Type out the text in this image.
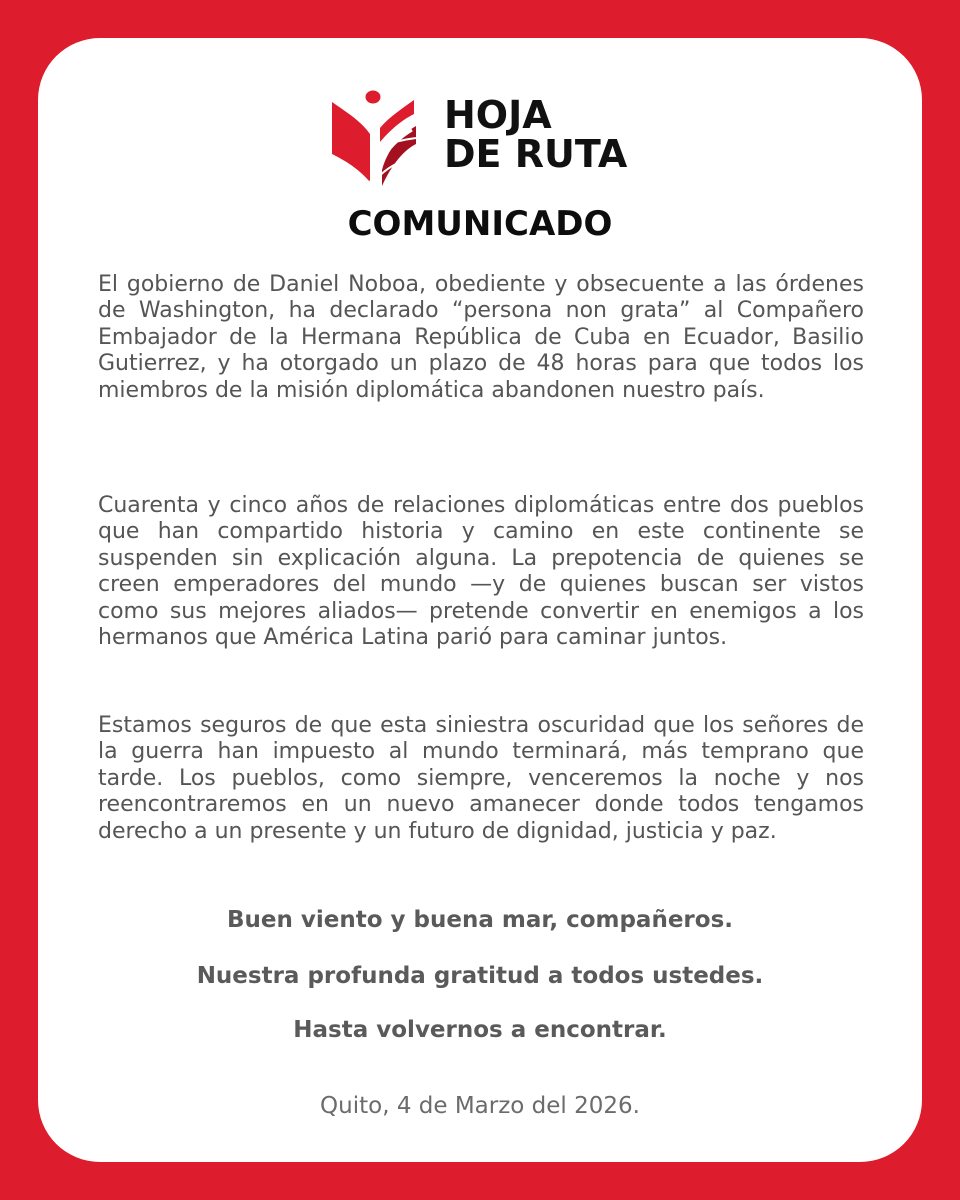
HOJA
DE RUTA
COMUNICADO
El gobierno de Daniel Noboa, obediente y obsecuente a las órdenes de Washington, ha declarado “persona non grata” al Compañero Embajador de la Hermana República de Cuba en Ecuador, Basilio Gutierrez, y ha otorgado un plazo de 48 horas para que todos los miembros de la misión diplomática abandonen nuestro país.
Cuarenta y cinco años de relaciones diplomáticas entre dos pueblos que han compartido historia y camino en este continente se suspenden sin explicación alguna. La prepotencia de quienes se creen emperadores del mundo —y de quienes buscan ser vistos como sus mejores aliados— pretende convertir en enemigos a los hermanos que América Latina parió para caminar juntos.
Estamos seguros de que esta siniestra oscuridad que los señores de la guerra han impuesto al mundo terminará, más temprano que tarde. Los pueblos, como siempre, venceremos la noche y nos reencontraremos en un nuevo amanecer donde todos tengamos derecho a un presente y un futuro de dignidad, justicia y paz.
Buen viento y buena mar, compañeros.
Nuestra profunda gratitud a todos ustedes.
Hasta volvernos a encontrar.
Quito, 4 de Marzo del 2026.
